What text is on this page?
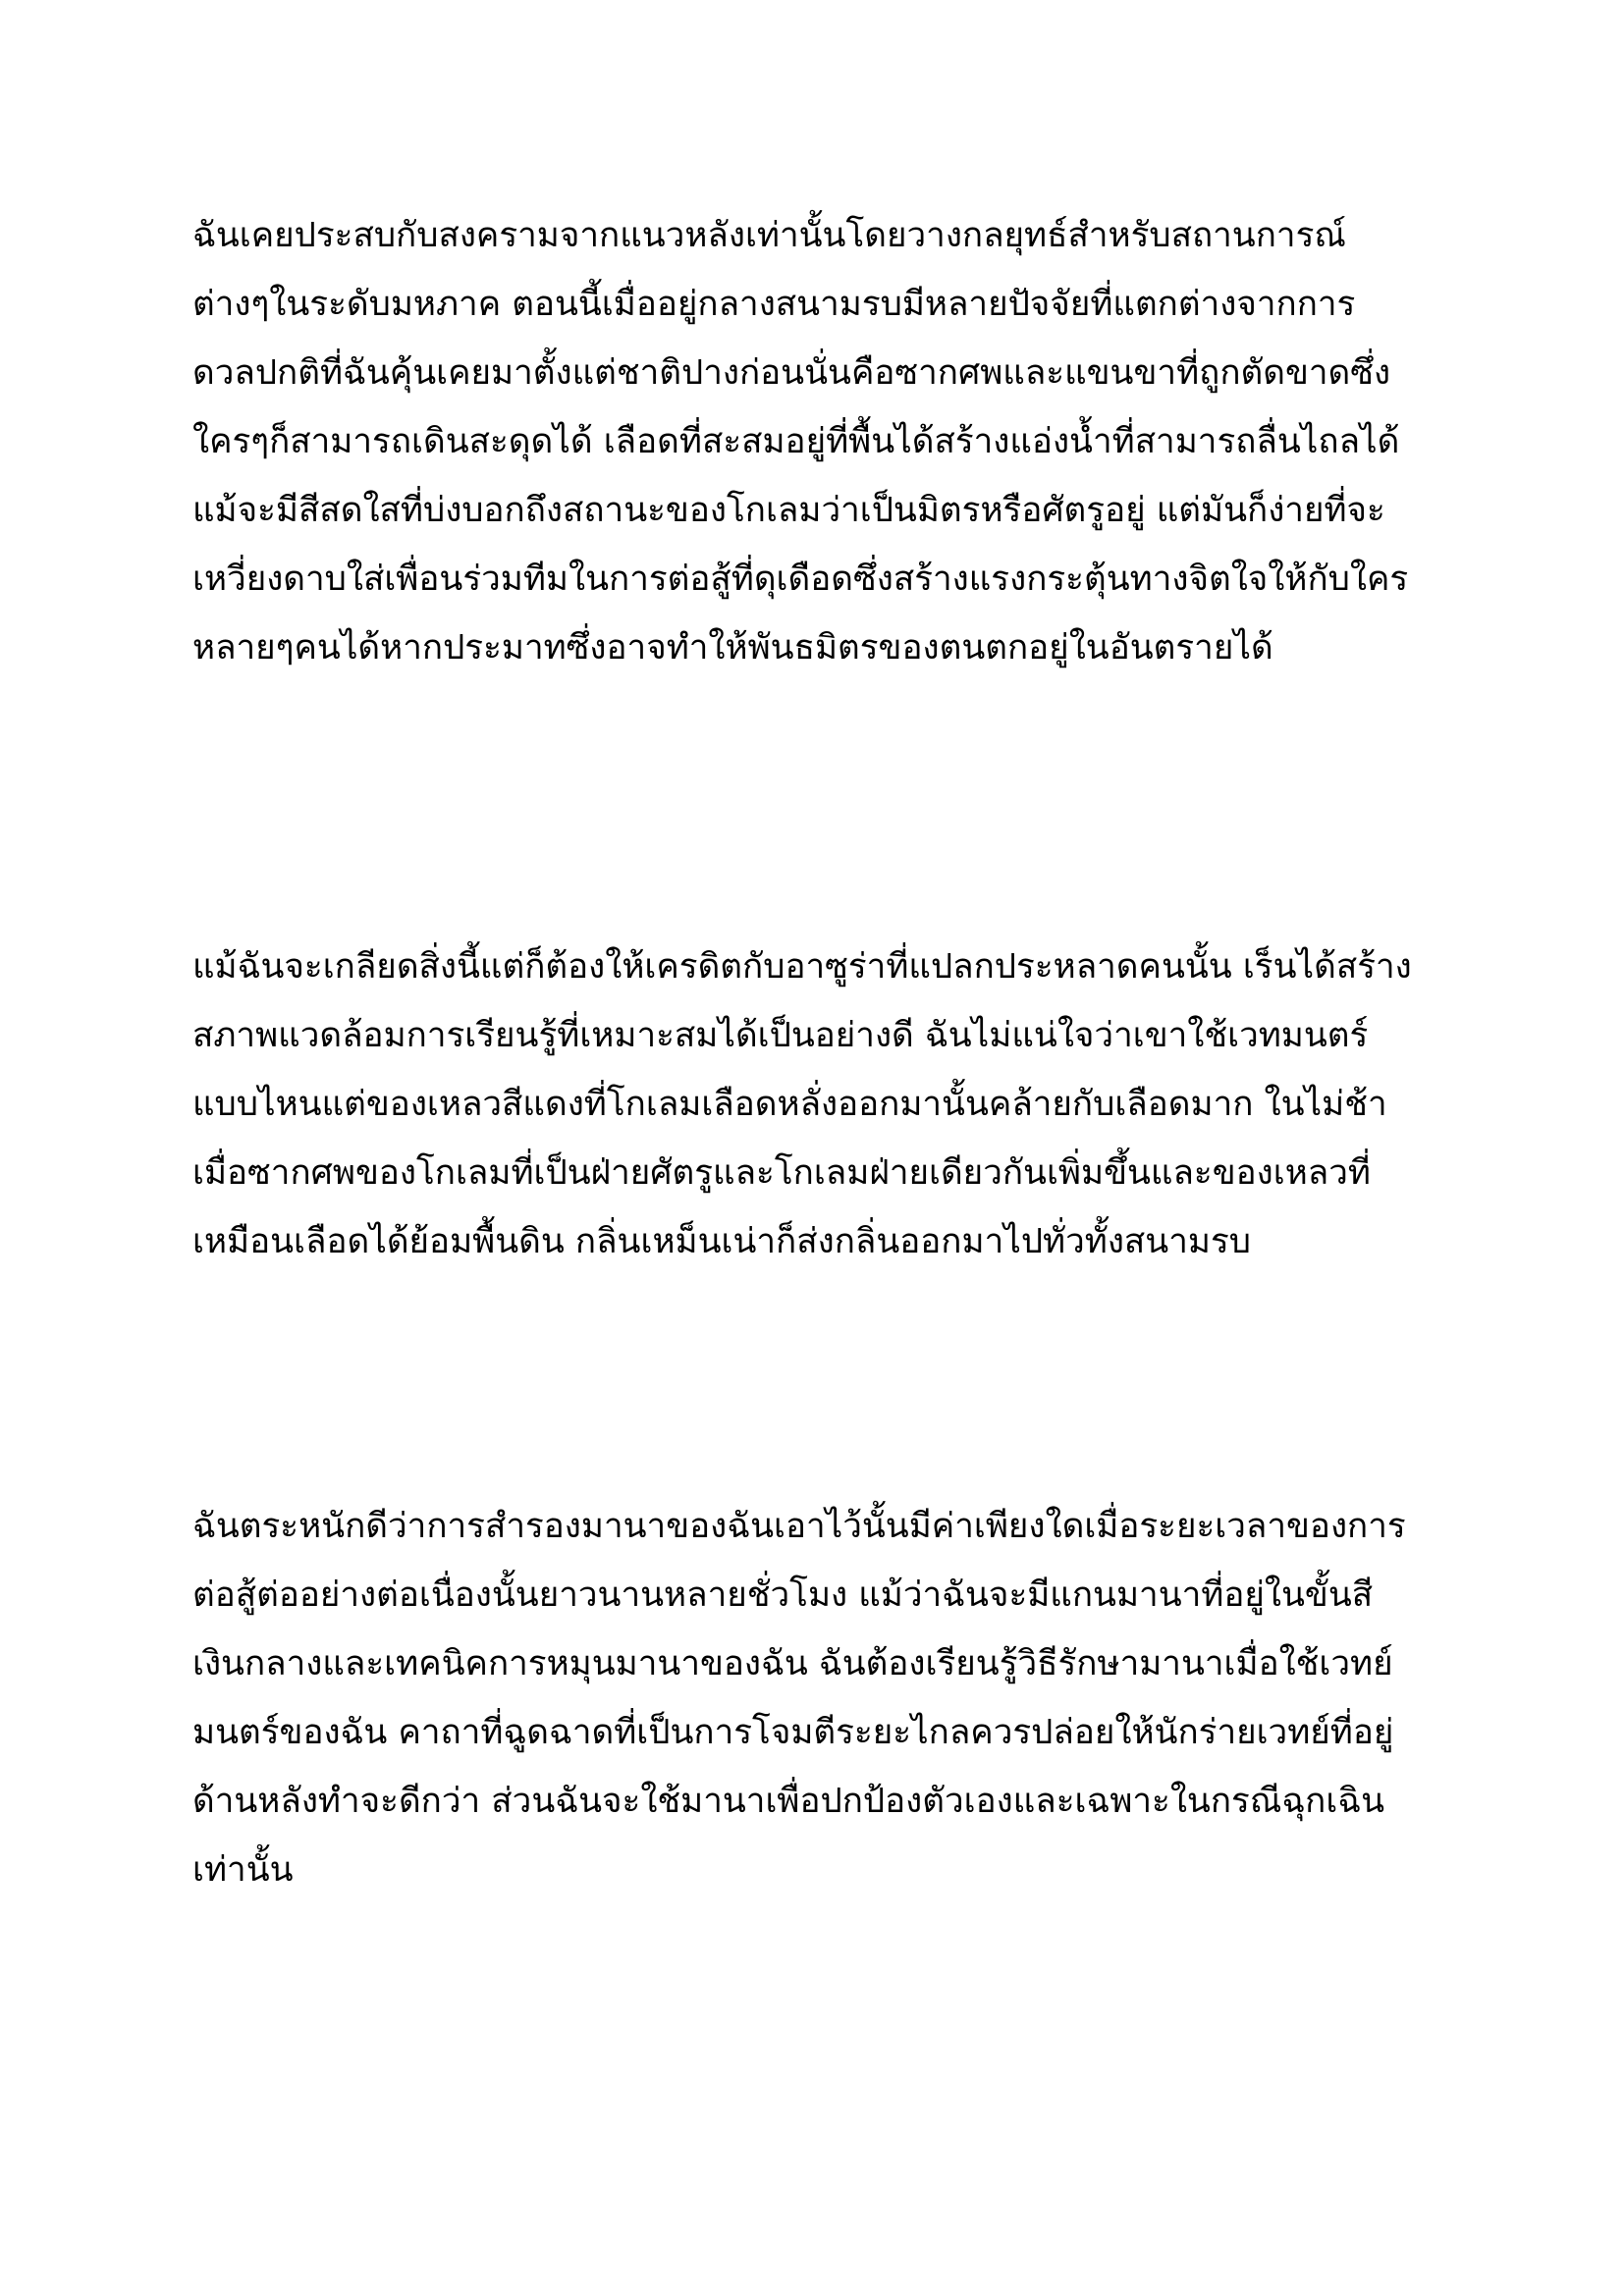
ฉันเคยประสบกับสงครามจากแนวหลังเท่านั้นโดยวางกลยุทธ์สำหรับสถานการณ์
ต่างๆในระดับมหภาค ตอนนี้เมื่ออยู่กลางสนามรบมีหลายปัจจัยที่แตกต่างจากการ
ดวลปกติที่ฉันคุ้นเคยมาตั้งแต่ชาติปางก่อนนั่นคือซากศพและแขนขาที่ถูกตัดขาดซึ่ง
ใครๆก็สามารถเดินสะดุดได้ เลือดที่สะสมอยู่ที่พื้นได้สร้างแอ่งน้ำที่สามารถลื่นไถลได้
แม้จะมีสีสดใสที่บ่งบอกถึงสถานะของโกเลมว่าเป็นมิตรหรือศัตรูอยู่ แต่มันก็ง่ายที่จะ
เหวี่ยงดาบใส่เพื่อนร่วมทีมในการต่อสู้ที่ดุเดือดซึ่งสร้างแรงกระตุ้นทางจิตใจให้กับใคร
หลายๆคนได้หากประมาทซึ่งอาจทำให้พันธมิตรของตนตกอยู่ในอันตรายได้
แม้ฉันจะเกลียดสิ่งนี้แต่ก็ต้องให้เครดิตกับอาซูร่าที่แปลกประหลาดคนนั้น เร็นได้สร้าง
สภาพแวดล้อมการเรียนรู้ที่เหมาะสมได้เป็นอย่างดี ฉันไม่แน่ใจว่าเขาใช้เวทมนตร์
แบบไหนแต่ของเหลวสีแดงที่โกเลมเลือดหลั่งออกมานั้นคล้ายกับเลือดมาก ในไม่ช้า
เมื่อซากศพของโกเลมที่เป็นฝ่ายศัตรูและโกเลมฝ่ายเดียวกันเพิ่มขึ้นและของเหลวที่
เหมือนเลือดได้ย้อมพื้นดิน กลิ่นเหม็นเน่าก็ส่งกลิ่นออกมาไปทั่วทั้งสนามรบ
ฉันตระหนักดีว่าการสำรองมานาของฉันเอาไว้นั้นมีค่าเพียงใดเมื่อระยะเวลาของการ
ต่อสู้ต่ออย่างต่อเนื่องนั้นยาวนานหลายชั่วโมง แม้ว่าฉันจะมีแกนมานาที่อยู่ในขั้นสี
เงินกลางและเทคนิคการหมุนมานาของฉัน ฉันต้องเรียนรู้วิธีรักษามานาเมื่อใช้เวทย์
มนตร์ของฉัน คาถาที่ฉูดฉาดที่เป็นการโจมตีระยะไกลควรปล่อยให้นักร่ายเวทย์ที่อยู่
ด้านหลังทำจะดีกว่า ส่วนฉันจะใช้มานาเพื่อปกป้องตัวเองและเฉพาะในกรณีฉุกเฉิน
เท่านั้น
